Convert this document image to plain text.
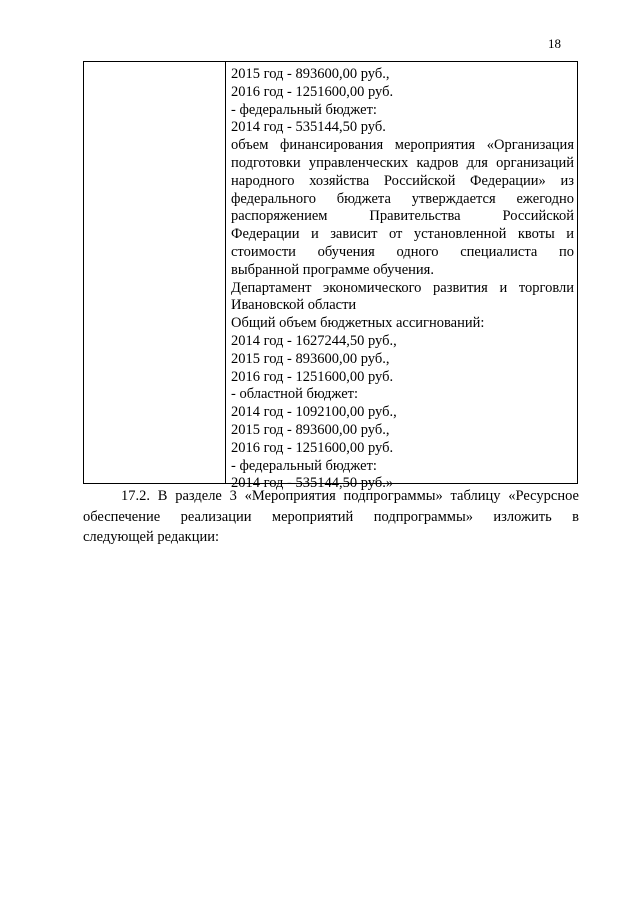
18
2015 год - 893600,00 руб.,
2016 год - 1251600,00 руб.
- федеральный бюджет:
2014 год - 535144,50 руб.
объем финансирования мероприятия «Организация
подготовки управленческих кадров для организаций
народного хозяйства Российской Федерации» из
федерального бюджета утверждается ежегодно
распоряжением Правительства Российской
Федерации и зависит от установленной квоты и
стоимости обучения одного специалиста по
выбранной программе обучения.
Департамент экономического развития и торговли
Ивановской области
Общий объем бюджетных ассигнований:
2014 год - 1627244,50 руб.,
2015 год - 893600,00 руб.,
2016 год - 1251600,00 руб.
- областной бюджет:
2014 год - 1092100,00 руб.,
2015 год - 893600,00 руб.,
2016 год - 1251600,00 руб.
- федеральный бюджет:
2014 год - 535144,50 руб.»
17.2. В разделе 3 «Мероприятия подпрограммы» таблицу «Ресурсное
обеспечение реализации мероприятий подпрограммы» изложить в
следующей редакции:
